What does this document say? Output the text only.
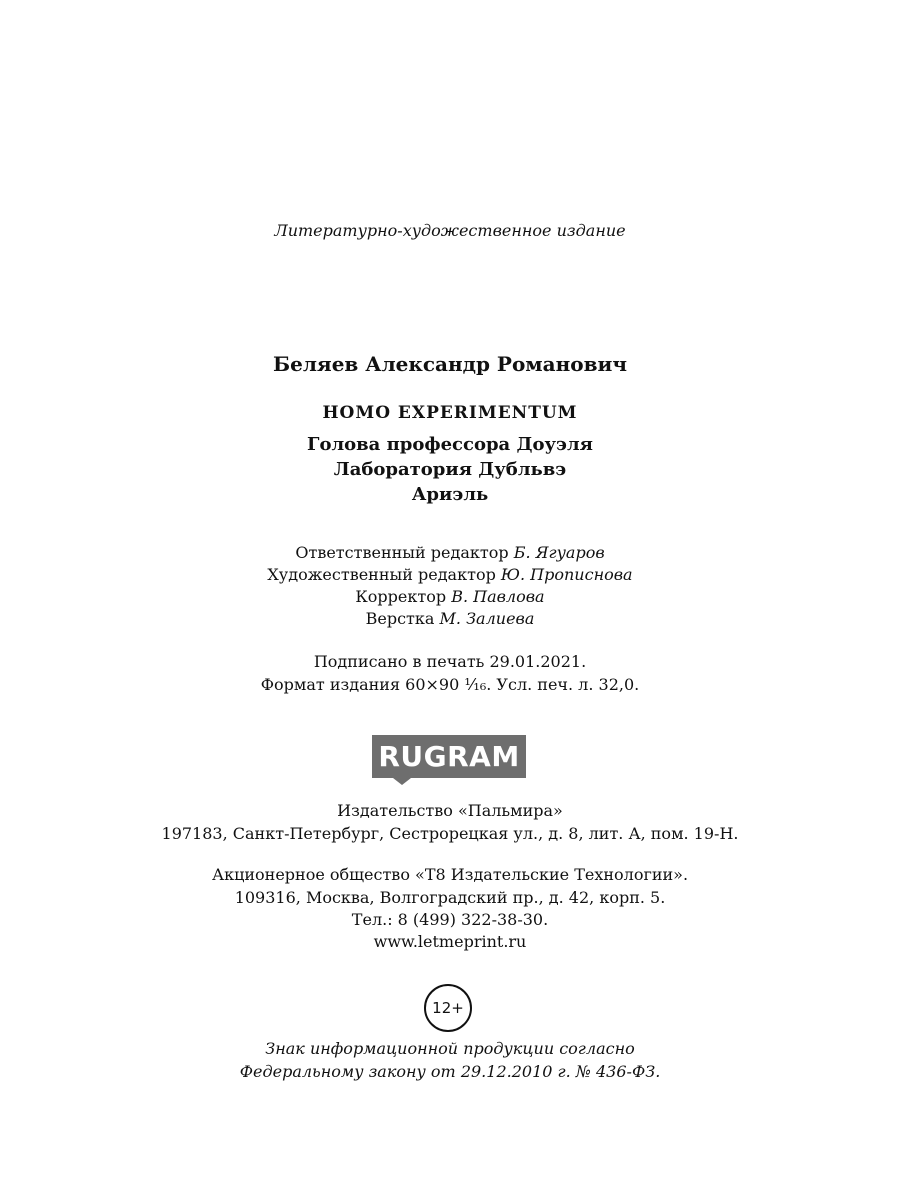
Литературно-художественное издание
Беляев Александр Романович
HOMO EXPERIMENTUM
Голова профессора Доуэля
Лаборатория Дубльвэ
Ариэль
Ответственный редактор Б. Ягуаров
Художественный редактор Ю. Прописнова
Корректор В. Павлова
Верстка М. Залиева
Подписано в печать 29.01.2021.
Формат издания 60×90 ¹⁄₁₆. Усл. печ. л. 32,0.
RUGRAM
Издательство «Пальмира»
197183, Санкт-Петербург, Сестрорецкая ул., д. 8, лит. А, пом. 19-Н.
Акционерное общество «Т8 Издательские Технологии».
109316, Москва, Волгоградский пр., д. 42, корп. 5.
Тел.: 8 (499) 322-38-30.
www.letmeprint.ru
12+
Знак информационной продукции согласно
Федеральному закону от 29.12.2010 г. № 436-ФЗ.
